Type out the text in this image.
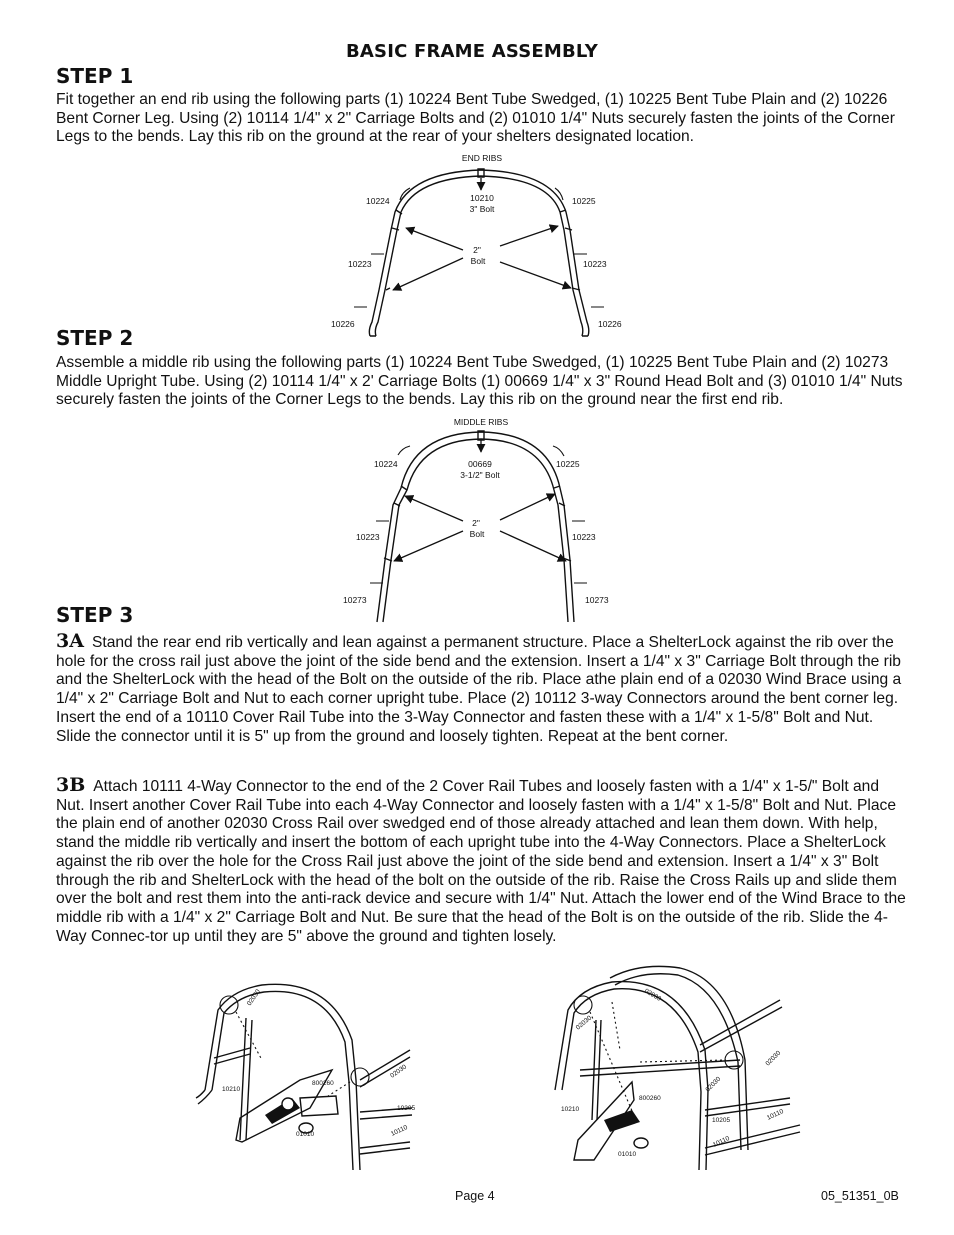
BASIC FRAME ASSEMBLY
STEP 1
Fit together an end rib using the following parts (1) 10224 Bent Tube Swedged, (1) 10225 Bent Tube Plain and (2) 10226 Bent Corner Leg. Using (2) 10114 1/4" x 2" Carriage Bolts and (2) 01010 1/4" Nuts securely fasten the joints of the Corner Legs to the bends. Lay this rib on the ground at the rear of your shelters designated location.
END RIBS
10224	10225
10210
3" Bolt
2"
Bolt
10223	10223
10226	10226
STEP 2
Assemble a middle rib using the following parts (1) 10224 Bent Tube Swedged, (1) 10225 Bent Tube Plain and (2) 10273 Middle Upright Tube. Using (2) 10114 1/4" x 2' Carriage Bolts (1) 00669 1/4" x 3" Round Head Bolt and (3) 01010 1/4" Nuts securely fasten the joints of the Corner Legs to the bends. Lay this rib on the ground near the first end rib.
MIDDLE RIBS
10224	10225
00669
3-1/2" Bolt
2"
Bolt
10223	10223
10273	10273
STEP 3
3A Stand the rear end rib vertically and lean against a permanent structure. Place a ShelterLock against the rib over the hole for the cross rail just above the joint of the side bend and the extension. Insert a 1/4" x 3" Carriage Bolt through the rib and the ShelterLock with the head of the Bolt on the outside of the rib. Place athe plain end of a 02030 Wind Brace using a 1/4" x 2" Carriage Bolt and Nut to each corner upright tube. Place (2) 10112 3-way Connectors around the bent corner leg. Insert the end of a 10110 Cover Rail Tube into the 3-Way Connector and fasten these with a 1/4" x 1-5/8" Bolt and Nut. Slide the connector until it is 5" up from the ground and loosely tighten. Repeat at the bent corner.
3B Attach 10111 4-Way Connector to the end of the 2 Cover Rail Tubes and loosely fasten with a 1/4" x 1-5/" Bolt and Nut. Insert another Cover Rail Tube into each 4-Way Connector and loosely fasten with a 1/4" x 1-5/8" Bolt and Nut. Place the plain end of another 02030 Cross Rail over swedged end of those already attached and lean them down. With help, stand the middle rib vertically and insert the bottom of each upright tube into the 4-Way Connectors. Place a ShelterLock against the rib over the hole for the Cross Rail just above the joint of the side bend and extension. Insert a 1/4" x 3" Bolt through the rib and ShelterLock with the head of the bolt on the outside of the rib. Raise the Cross Rails up and slide them over the bolt and rest them into the anti-rack device and secure with 1/4" Nut. Attach the lower end of the Wind Brace to the middle rib with a 1/4" x 2" Carriage Bolt and Nut. Be sure that the head of the Bolt is on the outside of the rib. Slide the 4-Way Connec-tor up until they are 5" above the ground and tighten losely.
02030
02030
10210
800260
10205
10110
01010
02030
02030
02030
02030
10210
800260
10205
10110
10110
01010
Page 4	05_51351_0B
